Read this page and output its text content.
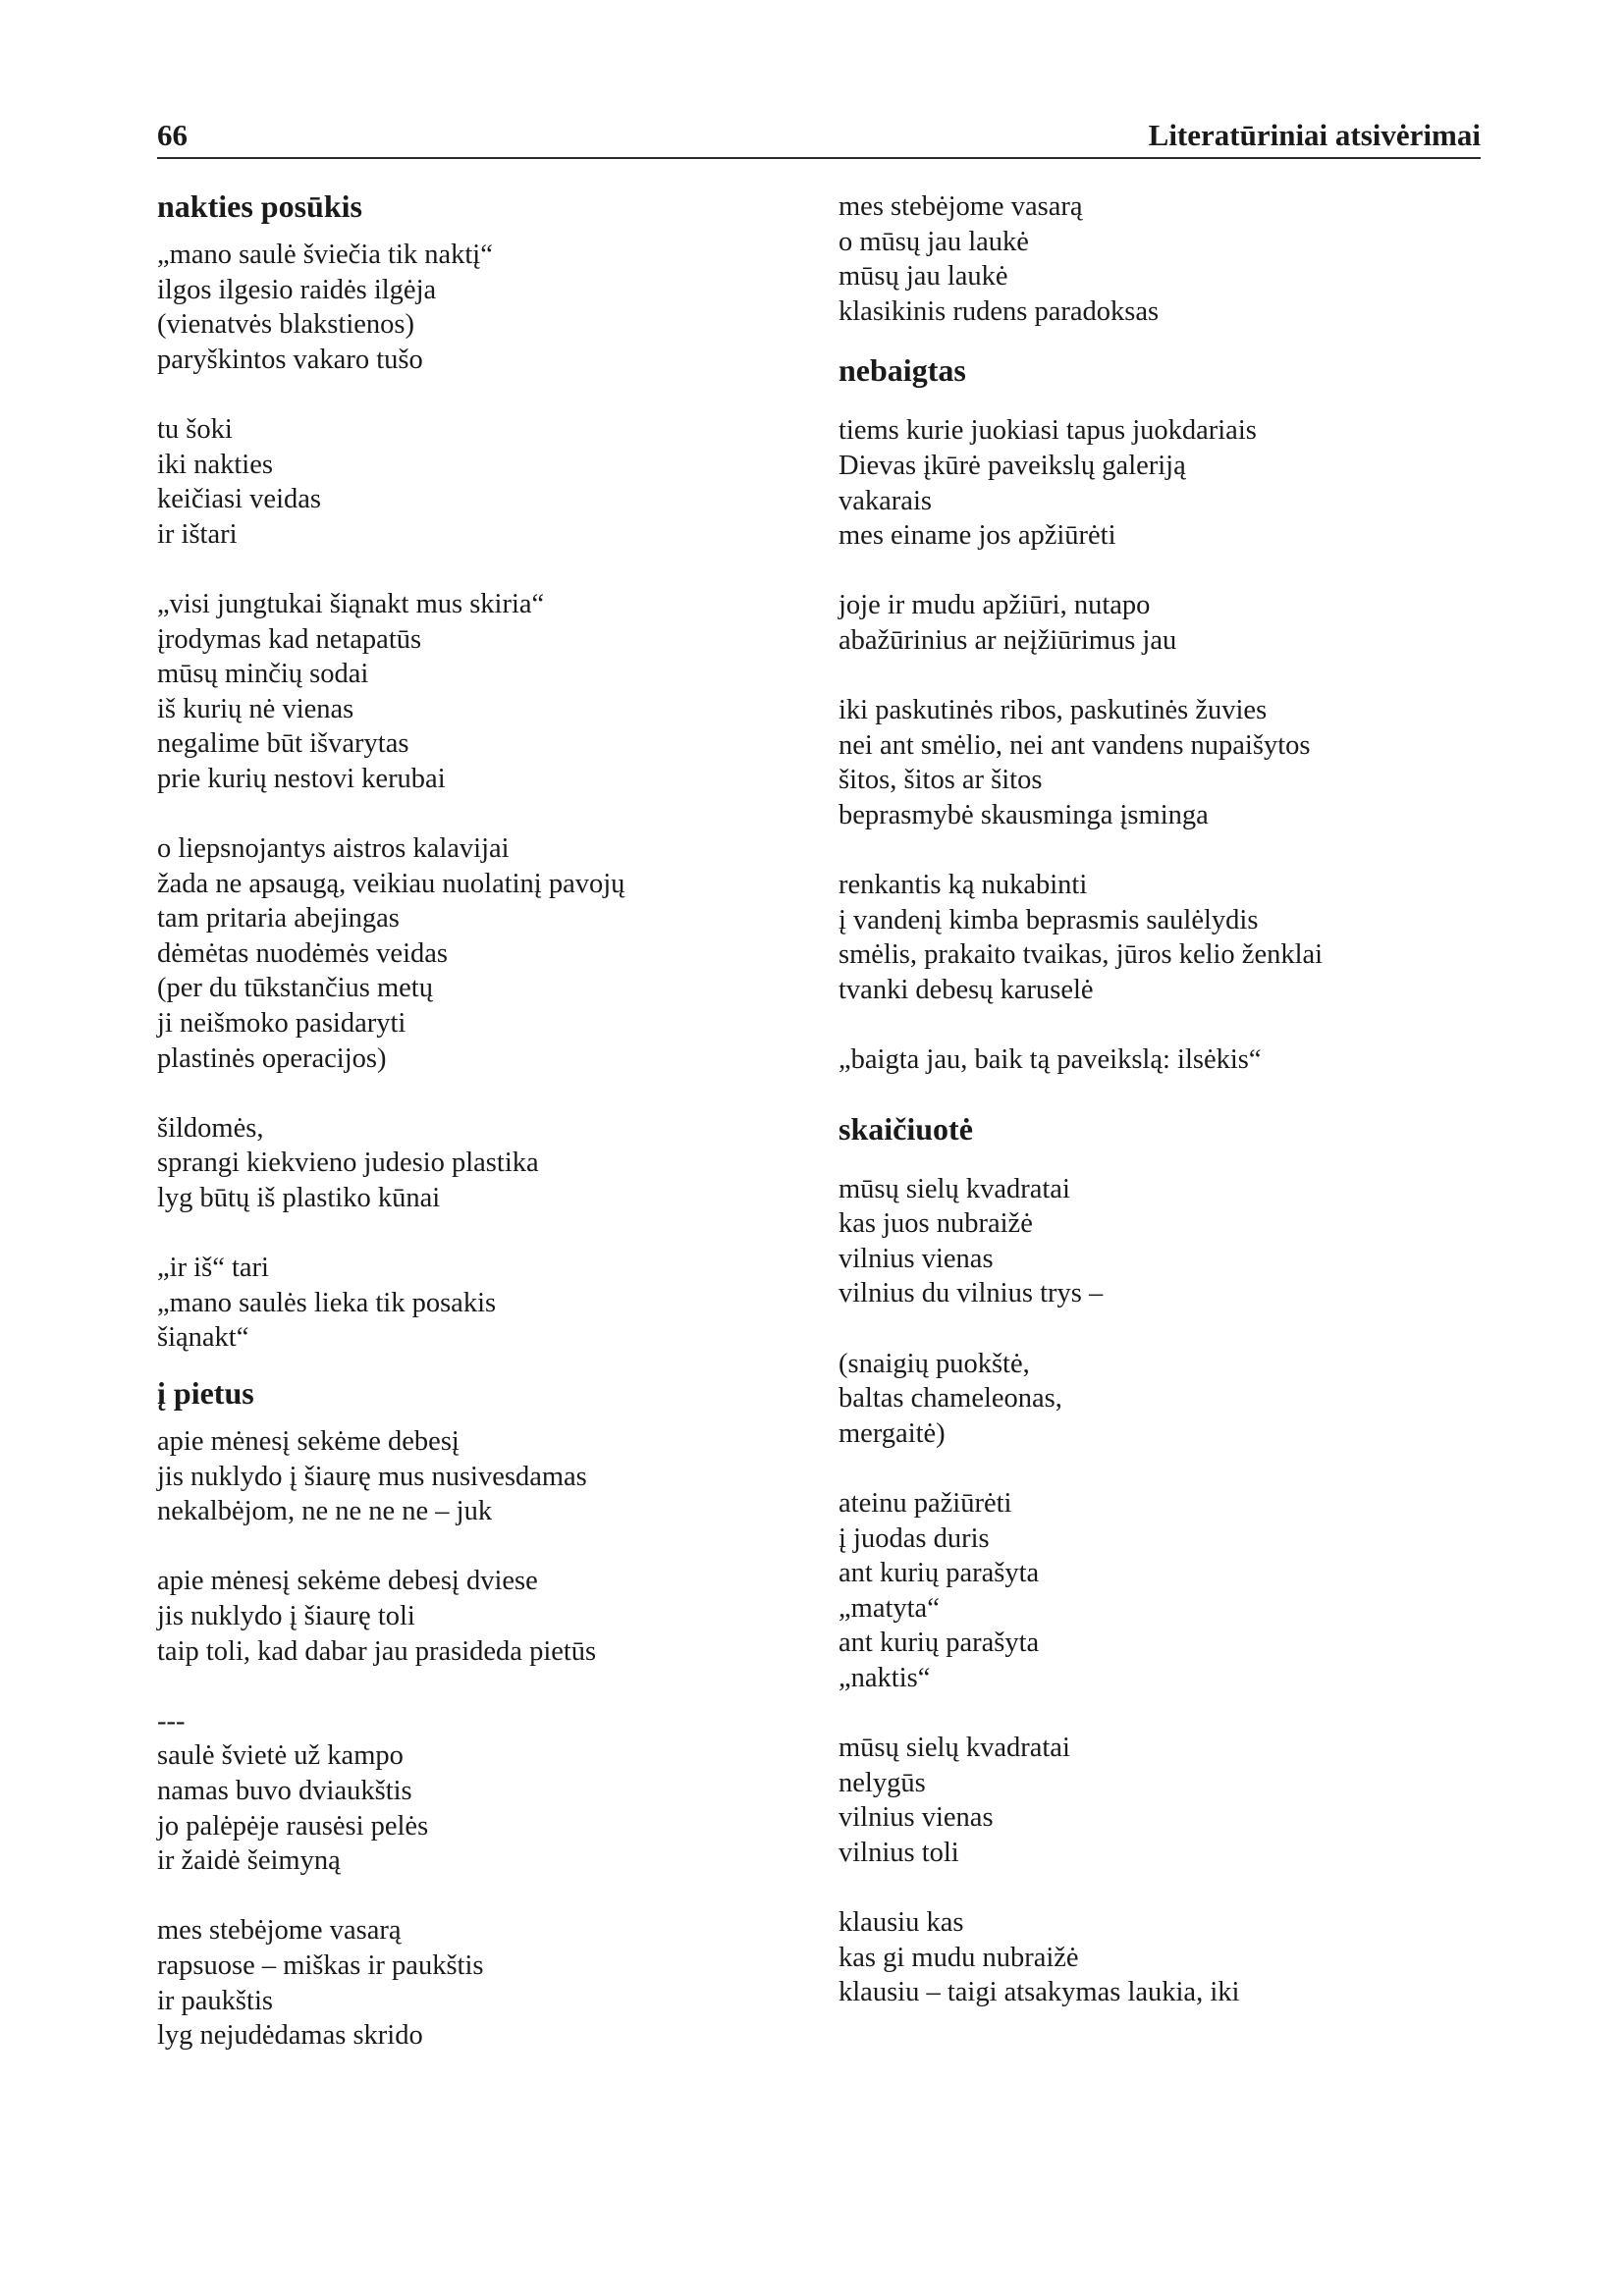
66	Literatūriniai atsivėrimai
nakties posūkis
„mano saulė šviečia tik naktį“
ilgos ilgesio raidės ilgėja
(vienatvės blakstienos)
paryškintos vakaro tušo
tu šoki
iki nakties
keičiasi veidas
ir ištari
„visi jungtukai šiąnakt mus skiria“
įrodymas kad netapatūs
mūsų minčių sodai
iš kurių nė vienas
negalime būt išvarytas
prie kurių nestovi kerubai
o liepsnojantys aistros kalavijai
žada ne apsaugą, veikiau nuolatinį pavojų
tam pritaria abejingas
dėmėtas nuodėmės veidas
(per du tūkstančius metų
ji neišmoko pasidaryti
plastinės operacijos)
šildomės,
sprangi kiekvieno judesio plastika
lyg būtų iš plastiko kūnai
„ir iš“ tari
„mano saulės lieka tik posakis
šiąnakt“
į pietus
apie mėnesį sekėme debesį
jis nuklydo į šiaurę mus nusivesdamas
nekalbėjom, ne ne ne ne – juk
apie mėnesį sekėme debesį dviese
jis nuklydo į šiaurę toli
taip toli, kad dabar jau prasideda pietūs
---
saulė švietė už kampo
namas buvo dviaukštis
jo palėpėje rausėsi pelės
ir žaidė šeimyną
mes stebėjome vasarą
rapsuose – miškas ir paukštis
ir paukštis
lyg nejudėdamas skrido
mes stebėjome vasarą
o mūsų jau laukė
mūsų jau laukė
klasikinis rudens paradoksas
nebaigtas
tiems kurie juokiasi tapus juokdariais
Dievas įkūrė paveikslų galeriją
vakarais
mes einame jos apžiūrėti
joje ir mudu apžiūri, nutapo
abažūrinius ar neįžiūrimus jau
iki paskutinės ribos, paskutinės žuvies
nei ant smėlio, nei ant vandens nupaišytos
šitos, šitos ar šitos
beprasmybė skausminga įsminga
renkantis ką nukabinti
į vandenį kimba beprasmis saulėlydis
smėlis, prakaito tvaikas, jūros kelio ženklai
tvanki debesų karuselė
„baigta jau, baik tą paveikslą: ilsėkis“
skaičiuotė
mūsų sielų kvadratai
kas juos nubraižė
vilnius vienas
vilnius du vilnius trys –
(snaigių puokštė,
baltas chameleonas,
mergaitė)
ateinu pažiūrėti
į juodas duris
ant kurių parašyta
„matyta“
ant kurių parašyta
„naktis“
mūsų sielų kvadratai
nelygūs
vilnius vienas
vilnius toli
klausiu kas
kas gi mudu nubraižė
klausiu – taigi atsakymas laukia, iki
